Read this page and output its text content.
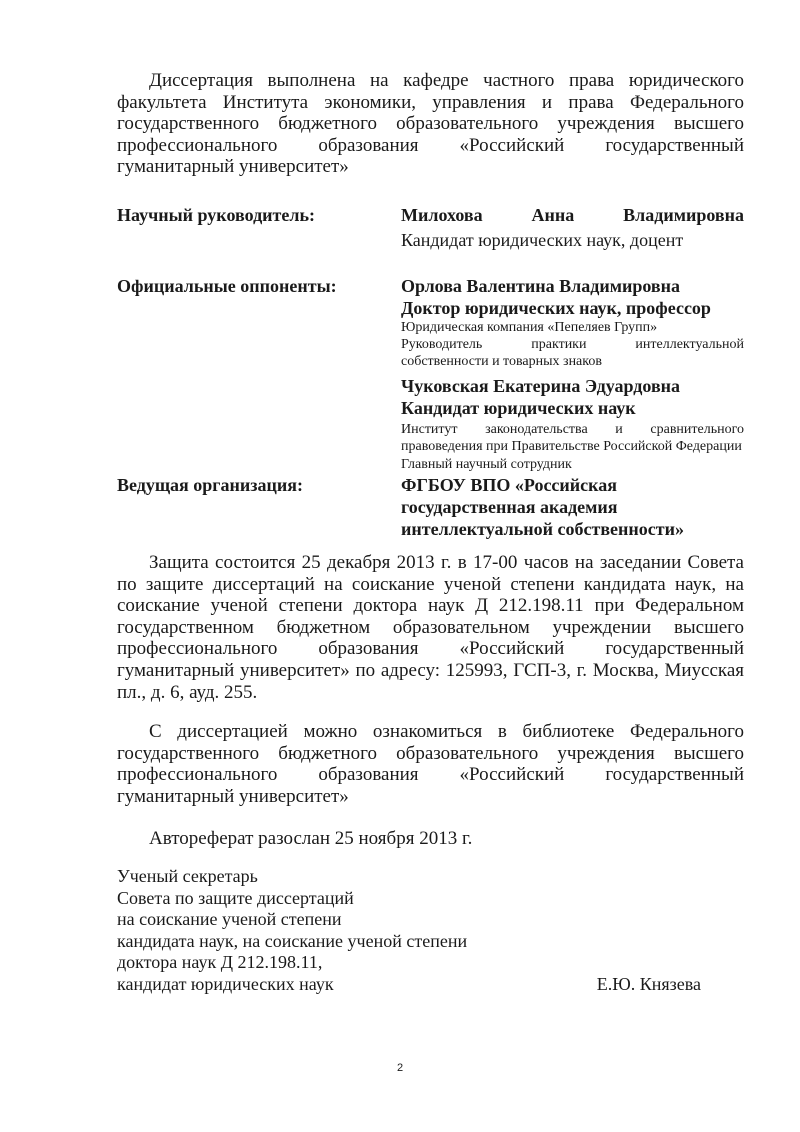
Диссертация выполнена на кафедре частного права юридического факультета Института экономики, управления и права Федерального государственного бюджетного образовательного учреждения высшего профессионального образования «Российский государственный гуманитарный университет»

Научный руководитель:	Милохова Анна Владимировна
Кандидат юридических наук, доцент
Официальные оппоненты:	Орлова Валентина Владимировна
Доктор юридических наук, профессор
Юридическая компания «Пепеляев Групп»
Руководитель практики интеллектуальной собственности и товарных знаков
Чуковская Екатерина Эдуардовна
Кандидат юридических наук
Институт законодательства и сравнительного правоведения при Правительстве Российской Федерации
Главный научный сотрудник
Ведущая организация:	ФГБОУ ВПО «Российская
государственная академия
интеллектуальной собственности»

Защита состоится 25 декабря 2013 г. в 17-00 часов на заседании Совета по защите диссертаций на соискание ученой степени кандидата наук, на соискание ученой степени доктора наук Д 212.198.11 при Федеральном государственном бюджетном образовательном учреждении высшего профессионального образования «Российский государственный гуманитарный университет» по адресу: 125993, ГСП-3, г. Москва, Миусская пл., д. 6, ауд. 255.

С диссертацией можно ознакомиться в библиотеке Федерального государственного бюджетного образовательного учреждения высшего профессионального образования «Российский государственный гуманитарный университет»

Автореферат разослан 25 ноября 2013 г.

Ученый секретарь
Совета по защите диссертаций
на соискание ученой степени
кандидата наук, на соискание ученой степени
доктора наук Д 212.198.11,
кандидат юридических наук	Е.Ю. Князева
2
